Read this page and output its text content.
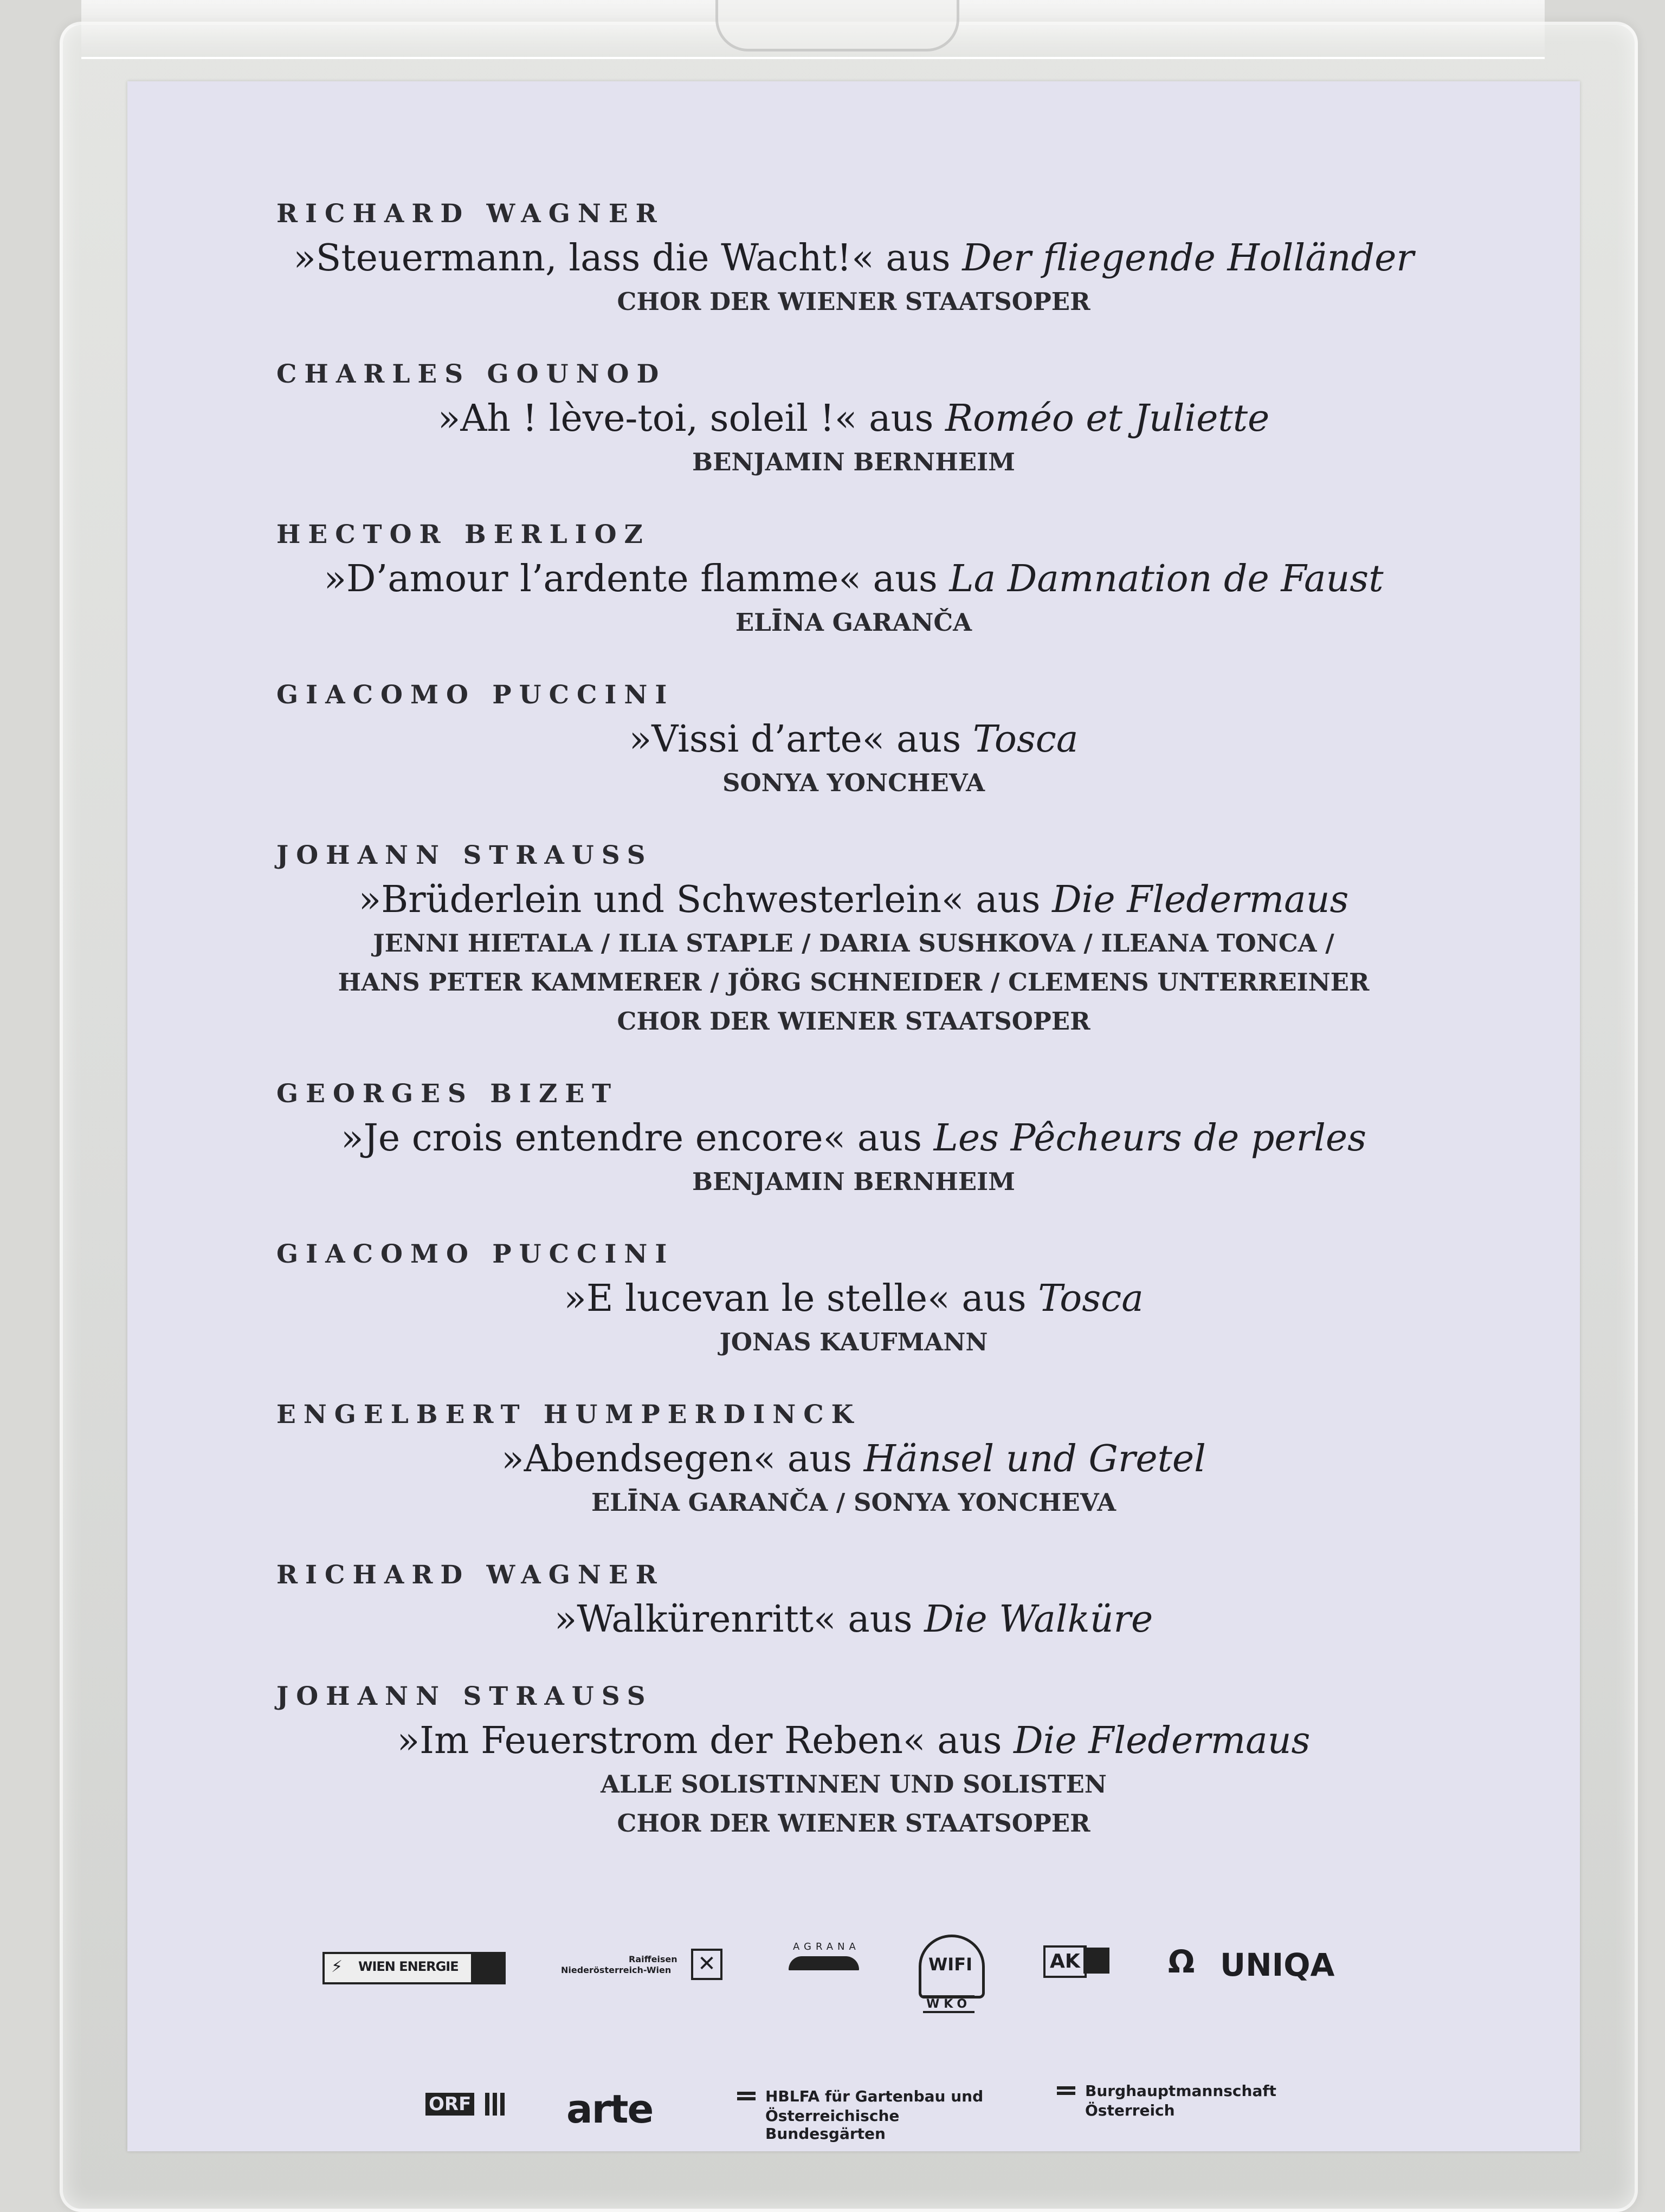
RICHARD WAGNER
»Steuermann, lass die Wacht!« aus Der fliegende Holländer
CHOR DER WIENER STAATSOPER
CHARLES GOUNOD
»Ah ! lève-toi, soleil !« aus Roméo et Juliette
BENJAMIN BERNHEIM
HECTOR BERLIOZ
»D’amour l’ardente flamme« aus La Damnation de Faust
ELĪNA GARANČA
GIACOMO PUCCINI
»Vissi d’arte« aus Tosca
SONYA YONCHEVA
JOHANN STRAUSS
»Brüderlein und Schwesterlein« aus Die Fledermaus
JENNI HIETALA / ILIA STAPLE / DARIA SUSHKOVA / ILEANA TONCA /
HANS PETER KAMMERER / JÖRG SCHNEIDER / CLEMENS UNTERREINER
CHOR DER WIENER STAATSOPER
GEORGES BIZET
»Je crois entendre encore« aus Les Pêcheurs de perles
BENJAMIN BERNHEIM
GIACOMO PUCCINI
»E lucevan le stelle« aus Tosca
JONAS KAUFMANN
ENGELBERT HUMPERDINCK
»Abendsegen« aus Hänsel und Gretel
ELĪNA GARANČA / SONYA YONCHEVA
RICHARD WAGNER
»Walkürenritt« aus Die Walküre
JOHANN STRAUSS
»Im Feuerstrom der Reben« aus Die Fledermaus
ALLE SOLISTINNEN UND SOLISTEN
CHOR DER WIENER STAATSOPER
⚡ WIEN ENERGIE	Raiffeisen
Niederösterreich-Wien	✕
AGRANA
WIFI
WKO
AK	Ω UNIQA
ORF arte	HBLFA für Gartenbau und
Österreichische Bundesgärten
Burghauptmannschaft
Österreich
